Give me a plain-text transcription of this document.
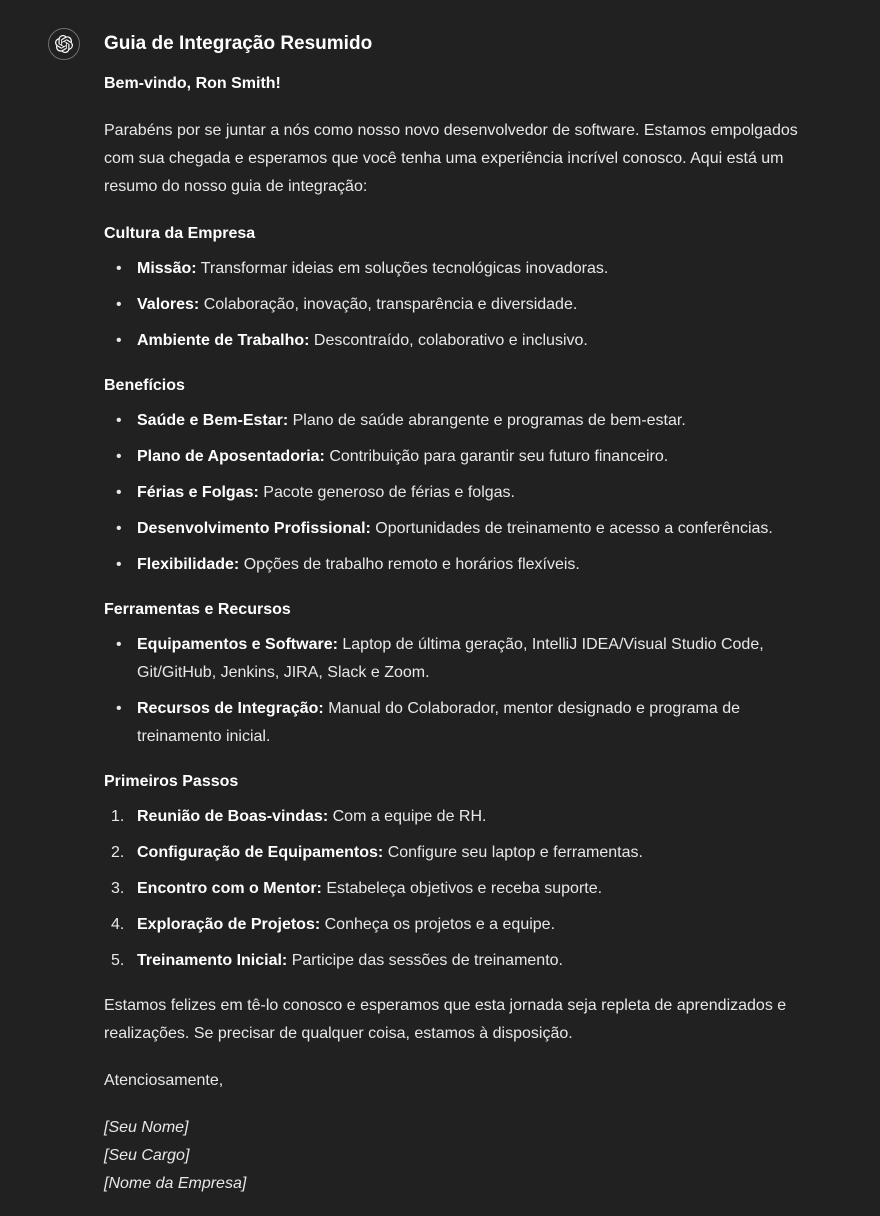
Guia de Integração Resumido

Bem-vindo, Ron Smith!

Parabéns por se juntar a nós como nosso novo desenvolvedor de software. Estamos empolgados com sua chegada e esperamos que você tenha uma experiência incrível conosco. Aqui está um resumo do nosso guia de integração:

Cultura da Empresa
• Missão: Transformar ideias em soluções tecnológicas inovadoras.
• Valores: Colaboração, inovação, transparência e diversidade.
• Ambiente de Trabalho: Descontraído, colaborativo e inclusivo.
Benefícios
• Saúde e Bem-Estar: Plano de saúde abrangente e programas de bem-estar.
• Plano de Aposentadoria: Contribuição para garantir seu futuro financeiro.
• Férias e Folgas: Pacote generoso de férias e folgas.
• Desenvolvimento Profissional: Oportunidades de treinamento e acesso a conferências.
• Flexibilidade: Opções de trabalho remoto e horários flexíveis.
Ferramentas e Recursos
• Equipamentos e Software: Laptop de última geração, IntelliJ IDEA/Visual Studio Code, Git/GitHub, Jenkins, JIRA, Slack e Zoom.
• Recursos de Integração: Manual do Colaborador, mentor designado e programa de treinamento inicial.
Primeiros Passos
Reunião de Boas-vindas: Com a equipe de RH.
Configuração de Equipamentos: Configure seu laptop e ferramentas.
Encontro com o Mentor: Estabeleça objetivos e receba suporte.
Exploração de Projetos: Conheça os projetos e a equipe.
Treinamento Inicial: Participe das sessões de treinamento.

Estamos felizes em tê-lo conosco e esperamos que esta jornada seja repleta de aprendizados e realizações. Se precisar de qualquer coisa, estamos à disposição.

Atenciosamente,

[Seu Nome]
[Seu Cargo]
[Nome da Empresa]
